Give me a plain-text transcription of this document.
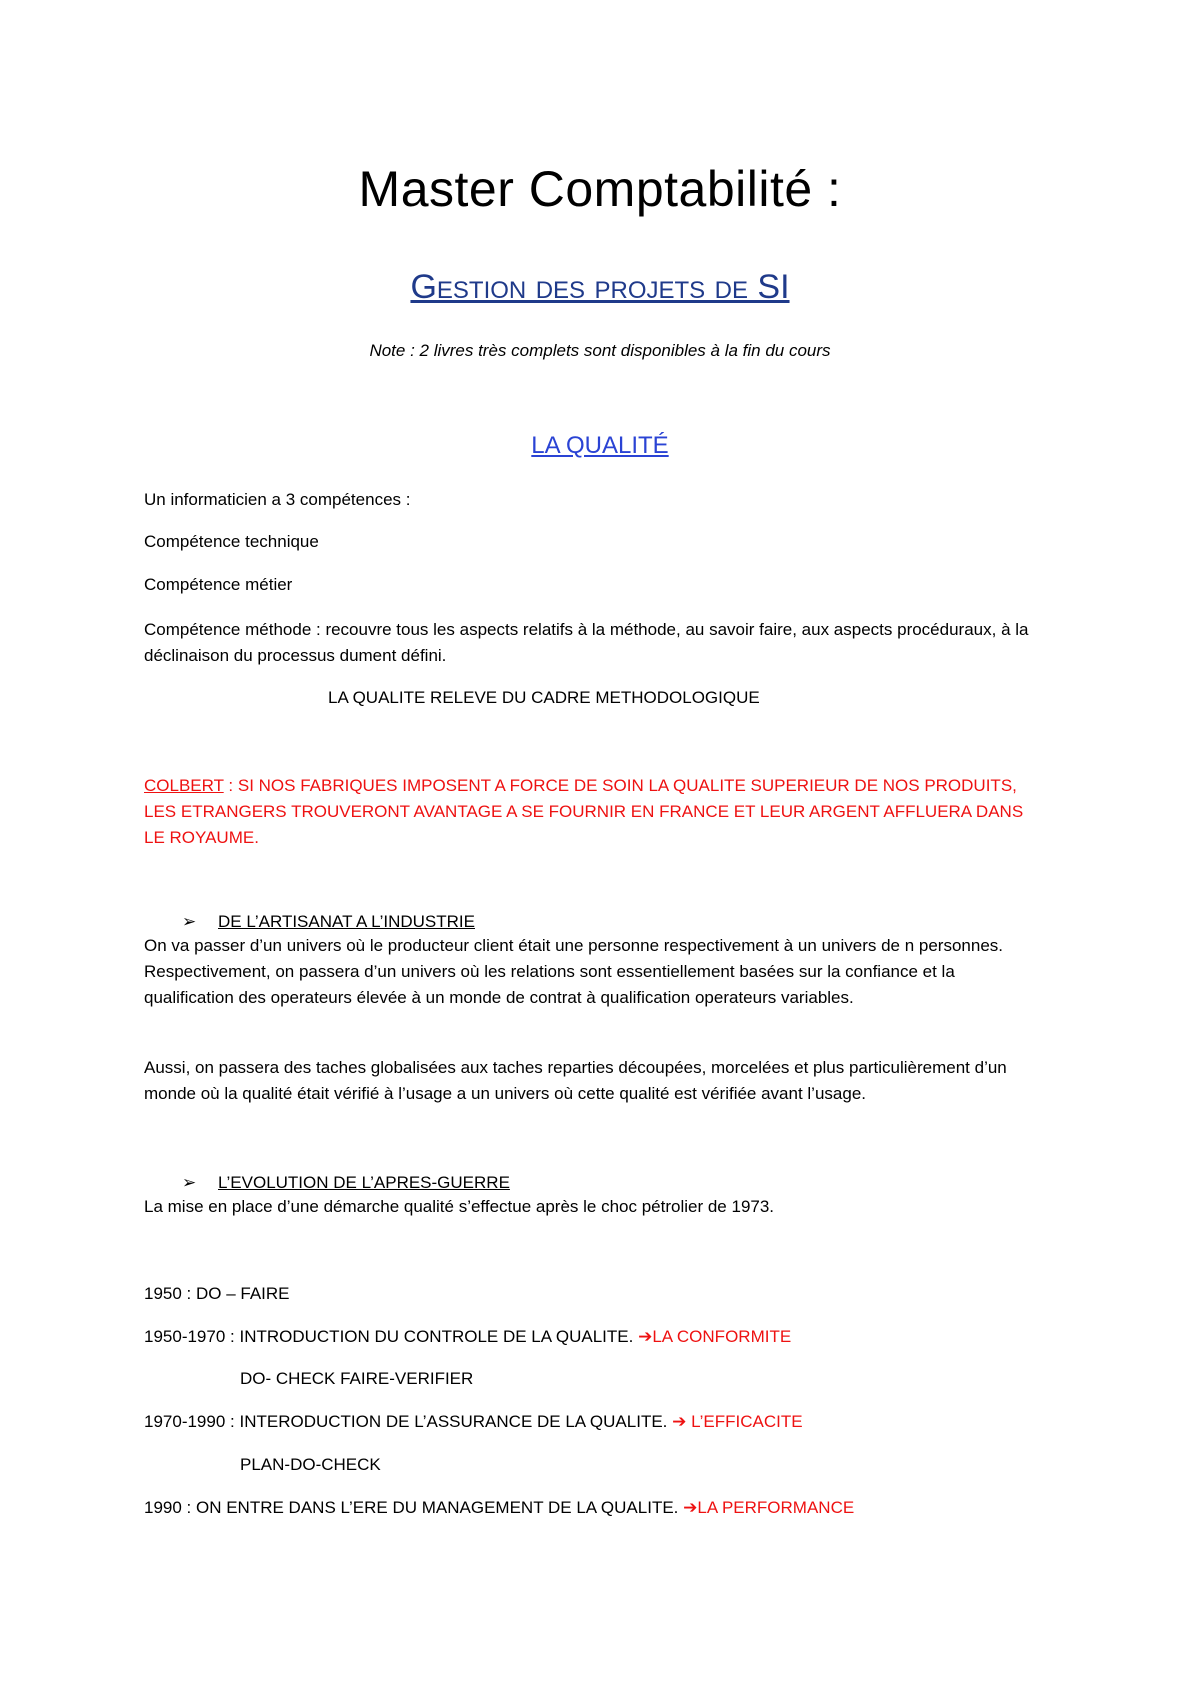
Master Comptabilité :
Gestion des projets de SI
Note : 2 livres très complets sont disponibles à la fin du cours
LA QUALITÉ
Un informaticien a 3 compétences :
Compétence technique
Compétence métier
Compétence méthode : recouvre tous les aspects relatifs à la méthode, au savoir faire, aux aspects procéduraux, à la déclinaison du processus dument défini.
LA QUALITE RELEVE DU CADRE METHODOLOGIQUE
COLBERT : SI NOS FABRIQUES IMPOSENT A FORCE DE SOIN LA QUALITE SUPERIEUR DE NOS PRODUITS, LES ETRANGERS TROUVERONT AVANTAGE A SE FOURNIR EN FRANCE ET LEUR ARGENT AFFLUERA DANS LE ROYAUME.
➢ DE L’ARTISANAT A L’INDUSTRIE
On va passer d’un univers où le producteur client était une personne respectivement à un univers de n personnes. Respectivement, on passera d’un univers où les relations sont essentiellement basées sur la confiance et la qualification des operateurs élevée à un monde de contrat à qualification operateurs variables.
Aussi, on passera des taches globalisées aux taches reparties découpées, morcelées et plus particulièrement d’un monde où la qualité était vérifié à l’usage a un univers où cette qualité est vérifiée avant l’usage.
➢ L’EVOLUTION DE L’APRES-GUERRE
La mise en place d’une démarche qualité s’effectue après le choc pétrolier de 1973.
1950 : DO – FAIRE
1950-1970 : INTRODUCTION DU CONTROLE DE LA QUALITE. ➔LA CONFORMITE
DO- CHECK FAIRE-VERIFIER
1970-1990 : INTERODUCTION DE L’ASSURANCE DE LA QUALITE. ➔ L’EFFICACITE
PLAN-DO-CHECK
1990 : ON ENTRE DANS L’ERE DU MANAGEMENT DE LA QUALITE. ➔LA PERFORMANCE
